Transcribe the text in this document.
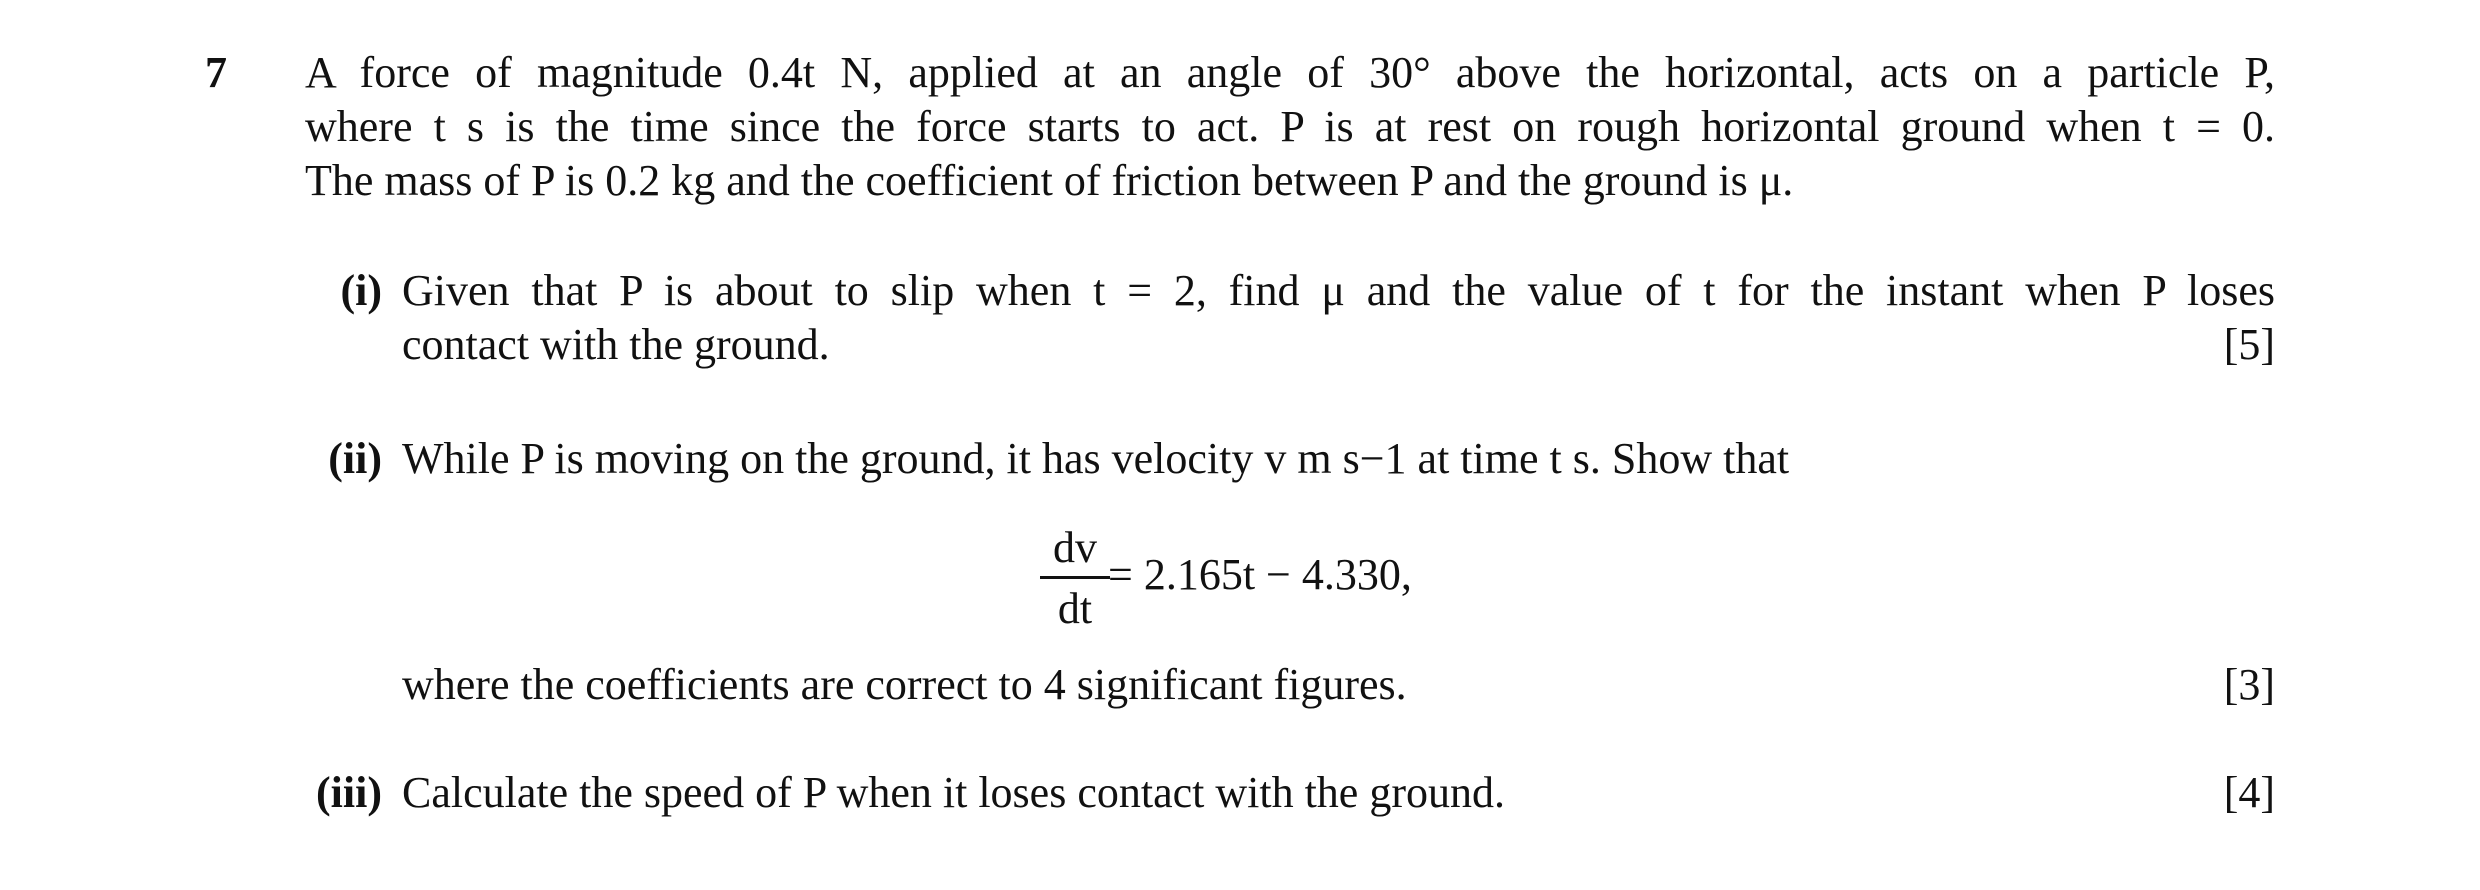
7 A force of magnitude 0.4t N, applied at an angle of 30° above the horizontal, acts on a particle P,
where t s is the time since the force starts to act. P is at rest on rough horizontal ground when t = 0.
The mass of P is 0.2 kg and the coefficient of friction between P and the ground is μ.
(i) Given that P is about to slip when t = 2, find μ and the value of t for the instant when P loses
contact with the ground.	[5]
(ii) While P is moving on the ground, it has velocity v m s−1 at time t s. Show that
dv
dt
= 2.165t − 4.330,
where the coefficients are correct to 4 significant figures.	[3]
(iii) Calculate the speed of P when it loses contact with the ground.	[4]
